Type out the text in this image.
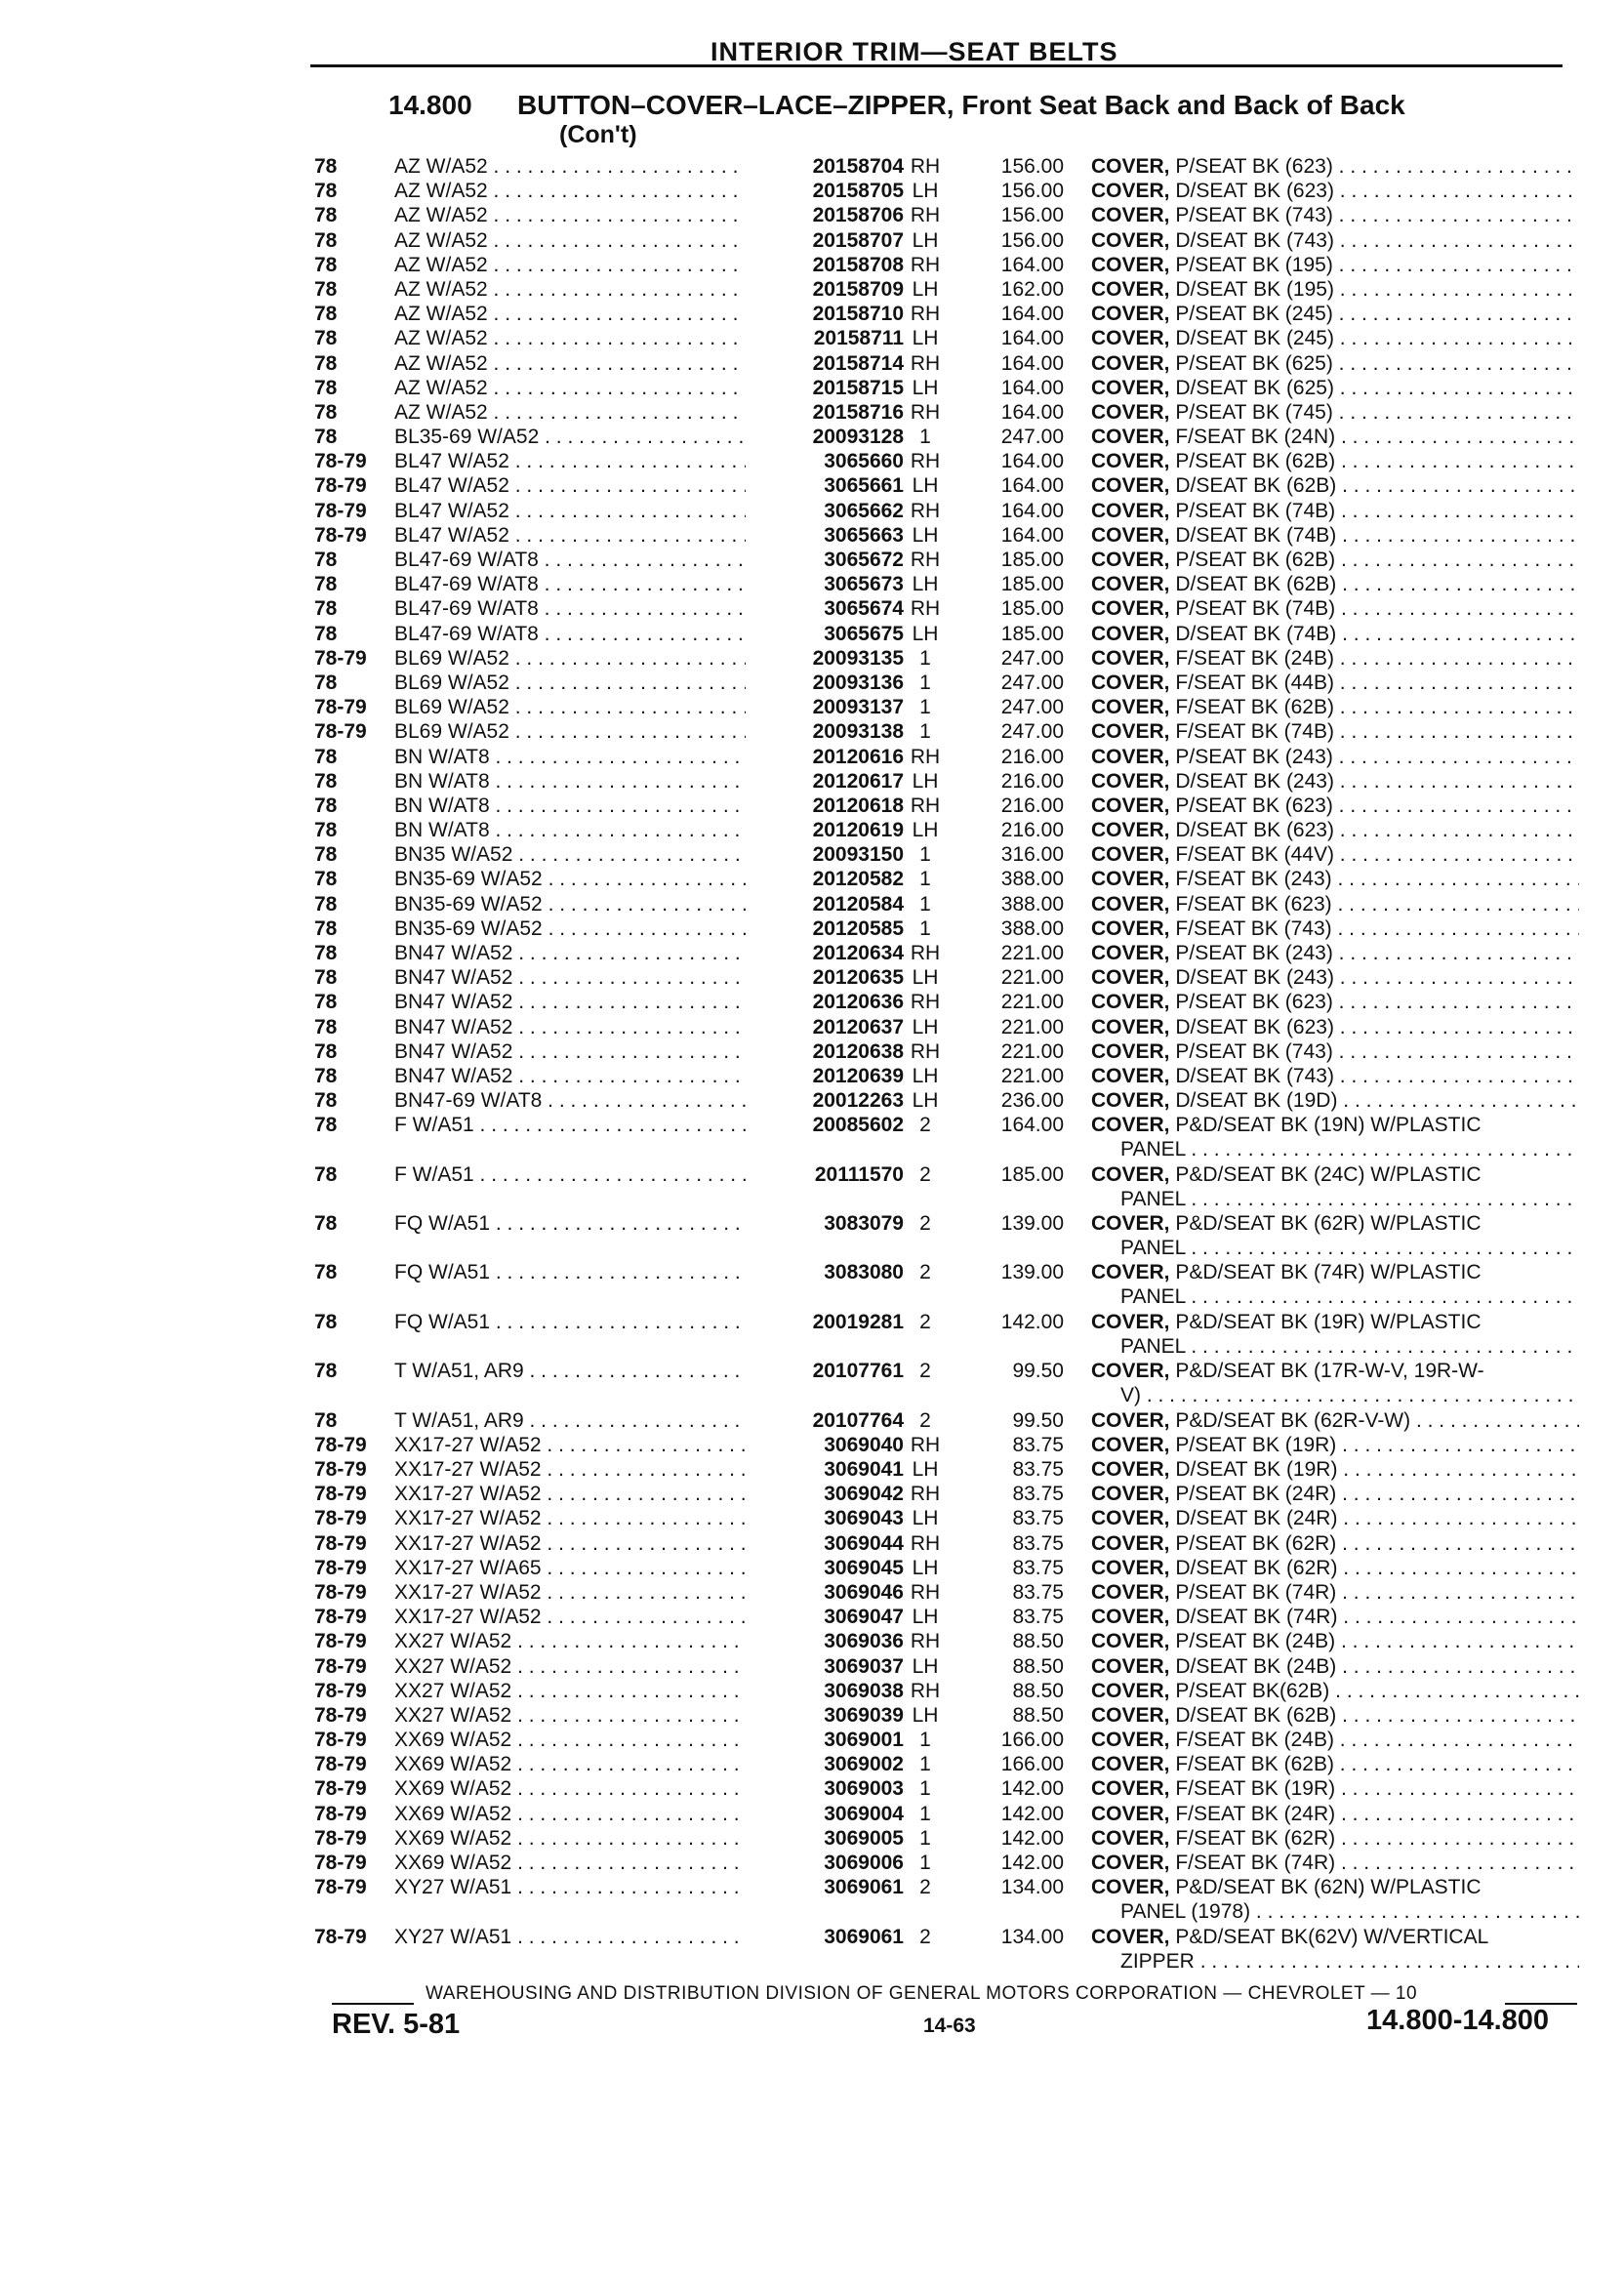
INTERIOR TRIM—SEAT BELTS
14.800 BUTTON–COVER–LACE–ZIPPER, Front Seat Back and Back of Back
(Con't)
78	AZ W/A52 . . .	20158704 RH	156.00 COVER, P/SEAT BK (623) . . .
78	AZ W/A52 . . .	20158705 LH	156.00 COVER, D/SEAT BK (623) . . .
78	AZ W/A52 . . .	20158706 RH	156.00 COVER, P/SEAT BK (743) . . .
78	AZ W/A52 . . .	20158707 LH	156.00 COVER, D/SEAT BK (743) . . .
78	AZ W/A52 . . .	20158708 RH	164.00 COVER, P/SEAT BK (195) . . .
78	AZ W/A52 . . .	20158709 LH	162.00 COVER, D/SEAT BK (195) . . .
78	AZ W/A52 . . .	20158710 RH	164.00 COVER, P/SEAT BK (245) . . .
78	AZ W/A52 . . .	20158711 LH	164.00 COVER, D/SEAT BK (245) . . .
78	AZ W/A52 . . .	20158714 RH	164.00 COVER, P/SEAT BK (625) . . .
78	AZ W/A52 . . .	20158715 LH	164.00 COVER, D/SEAT BK (625) . . .
78	AZ W/A52 . . .	20158716 RH	164.00 COVER, P/SEAT BK (745) . . .
78	BL35-69 W/A52 . . .	20093128 1	247.00 COVER, F/SEAT BK (24N) . . .
78-79	BL47 W/A52 . . .	3065660 RH	164.00 COVER, P/SEAT BK (62B) . . .
78-79	BL47 W/A52 . . .	3065661 LH	164.00 COVER, D/SEAT BK (62B) . . .
78-79	BL47 W/A52 . . .	3065662 RH	164.00 COVER, P/SEAT BK (74B) . . .
78-79	BL47 W/A52 . . .	3065663 LH	164.00 COVER, D/SEAT BK (74B) . . .
78	BL47-69 W/AT8 . . .	3065672 RH	185.00 COVER, P/SEAT BK (62B) . . .
78	BL47-69 W/AT8 . . .	3065673 LH	185.00 COVER, D/SEAT BK (62B) . . .
78	BL47-69 W/AT8 . . .	3065674 RH	185.00 COVER, P/SEAT BK (74B) . . .
78	BL47-69 W/AT8 . . .	3065675 LH	185.00 COVER, D/SEAT BK (74B) . . .
78-79	BL69 W/A52 . . .	20093135 1	247.00 COVER, F/SEAT BK (24B) . . .
78	BL69 W/A52 . . .	20093136 1	247.00 COVER, F/SEAT BK (44B) . . .
78-79	BL69 W/A52 . . .	20093137 1	247.00 COVER, F/SEAT BK (62B) . . .
78-79	BL69 W/A52 . . .	20093138 1	247.00 COVER, F/SEAT BK (74B) . . .
78	BN W/AT8 . . .	20120616 RH	216.00 COVER, P/SEAT BK (243) . . .
78	BN W/AT8 . . .	20120617 LH	216.00 COVER, D/SEAT BK (243) . . .
78	BN W/AT8 . . .	20120618 RH	216.00 COVER, P/SEAT BK (623) . . .
78	BN W/AT8 . . .	20120619 LH	216.00 COVER, D/SEAT BK (623) . . .
78	BN35 W/A52 . . .	20093150 1	316.00 COVER, F/SEAT BK (44V) . . .
78	BN35-69 W/A52 . . .	20120582 1	388.00 COVER, F/SEAT BK (243) . . .
78	BN35-69 W/A52 . . .	20120584 1	388.00 COVER, F/SEAT BK (623) . . .
78	BN35-69 W/A52 . . .	20120585 1	388.00 COVER, F/SEAT BK (743) . . .
78	BN47 W/A52 . . .	20120634 RH	221.00 COVER, P/SEAT BK (243) . . .
78	BN47 W/A52 . . .	20120635 LH	221.00 COVER, D/SEAT BK (243) . . .
78	BN47 W/A52 . . .	20120636 RH	221.00 COVER, P/SEAT BK (623) . . .
78	BN47 W/A52 . . .	20120637 LH	221.00 COVER, D/SEAT BK (623) . . .
78	BN47 W/A52 . . .	20120638 RH	221.00 COVER, P/SEAT BK (743) . . .
78	BN47 W/A52 . . .	20120639 LH	221.00 COVER, D/SEAT BK (743) . . .
78	BN47-69 W/AT8 . . .	20012263 LH	236.00 COVER, D/SEAT BK (19D) . . .
78	F W/A51 . . .	20085602 2	164.00 COVER, P&D/SEAT BK (19N) W/PLASTIC
PANEL . . .
78	F W/A51 . . .	20111570 2	185.00 COVER, P&D/SEAT BK (24C) W/PLASTIC
PANEL . . .
78	FQ W/A51 . . .	3083079 2	139.00 COVER, P&D/SEAT BK (62R) W/PLASTIC
PANEL . . .
78	FQ W/A51 . . .	3083080 2	139.00 COVER, P&D/SEAT BK (74R) W/PLASTIC
PANEL . . .
78	FQ W/A51 . . .	20019281 2	142.00 COVER, P&D/SEAT BK (19R) W/PLASTIC
PANEL . . .
78	T W/A51, AR9 . . .	20107761 2	99.50 COVER, P&D/SEAT BK (17R-W-V, 19R-W-
V) . . .
78	T W/A51, AR9 . . .	20107764 2	99.50 COVER, P&D/SEAT BK (62R-V-W) . . .
78-79	XX17-27 W/A52 . . .	3069040 RH	83.75 COVER, P/SEAT BK (19R) . . .
78-79	XX17-27 W/A52 . . .	3069041 LH	83.75 COVER, D/SEAT BK (19R) . . .
78-79	XX17-27 W/A52 . . .	3069042 RH	83.75 COVER, P/SEAT BK (24R) . . .
78-79	XX17-27 W/A52 . . .	3069043 LH	83.75 COVER, D/SEAT BK (24R) . . .
78-79	XX17-27 W/A52 . . .	3069044 RH	83.75 COVER, P/SEAT BK (62R) . . .
78-79	XX17-27 W/A65 . . .	3069045 LH	83.75 COVER, D/SEAT BK (62R) . . .
78-79	XX17-27 W/A52 . . .	3069046 RH	83.75 COVER, P/SEAT BK (74R) . . .
78-79	XX17-27 W/A52 . . .	3069047 LH	83.75 COVER, D/SEAT BK (74R) . . .
78-79	XX27 W/A52 . . .	3069036 RH	88.50 COVER, P/SEAT BK (24B) . . .
78-79	XX27 W/A52 . . .	3069037 LH	88.50 COVER, D/SEAT BK (24B) . . .
78-79	XX27 W/A52 . . .	3069038 RH	88.50 COVER, P/SEAT BK(62B) . . .
78-79	XX27 W/A52 . . .	3069039 LH	88.50 COVER, D/SEAT BK (62B) . . .
78-79	XX69 W/A52 . . .	3069001 1	166.00 COVER, F/SEAT BK (24B) . . .
78-79	XX69 W/A52 . . .	3069002 1	166.00 COVER, F/SEAT BK (62B) . . .
78-79	XX69 W/A52 . . .	3069003 1	142.00 COVER, F/SEAT BK (19R) . . .
78-79	XX69 W/A52 . . .	3069004 1	142.00 COVER, F/SEAT BK (24R) . . .
78-79	XX69 W/A52 . . .	3069005 1	142.00 COVER, F/SEAT BK (62R) . . .
78-79	XX69 W/A52 . . .	3069006 1	142.00 COVER, F/SEAT BK (74R) . . .
78-79	XY27 W/A51 . . .	3069061 2	134.00 COVER, P&D/SEAT BK (62N) W/PLASTIC
PANEL (1978) . . .
78-79	XY27 W/A51 . . .	3069061 2	134.00 COVER, P&D/SEAT BK(62V) W/VERTICAL
ZIPPER . . .
WAREHOUSING AND DISTRIBUTION DIVISION OF GENERAL MOTORS CORPORATION — CHEVROLET — 10
REV. 5-81	14-63	14.800-14.800
